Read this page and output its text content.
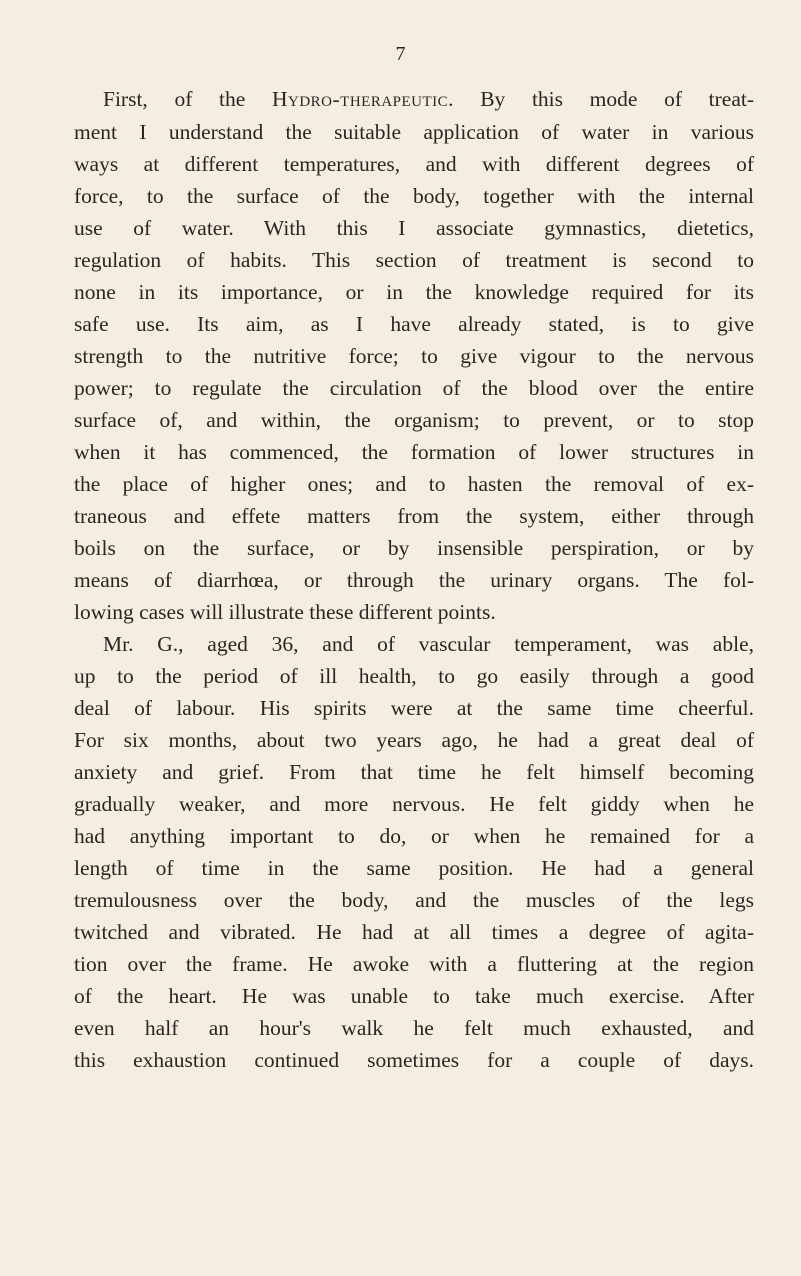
7
First, of the Hydro-therapeutic. By this mode of treat-
ment I understand the suitable application of water in various
ways at different temperatures, and with different degrees of
force, to the surface of the body, together with the internal
use of water. With this I associate gymnastics, dietetics,
regulation of habits. This section of treatment is second to
none in its importance, or in the knowledge required for its
safe use. Its aim, as I have already stated, is to give
strength to the nutritive force; to give vigour to the nervous
power; to regulate the circulation of the blood over the entire
surface of, and within, the organism; to prevent, or to stop
when it has commenced, the formation of lower structures in
the place of higher ones; and to hasten the removal of ex-
traneous and effete matters from the system, either through
boils on the surface, or by insensible perspiration, or by
means of diarrhœa, or through the urinary organs. The fol-
lowing cases will illustrate these different points.
Mr. G., aged 36, and of vascular temperament, was able,
up to the period of ill health, to go easily through a good
deal of labour. His spirits were at the same time cheerful.
For six months, about two years ago, he had a great deal of
anxiety and grief. From that time he felt himself becoming
gradually weaker, and more nervous. He felt giddy when he
had anything important to do, or when he remained for a
length of time in the same position. He had a general
tremulousness over the body, and the muscles of the legs
twitched and vibrated. He had at all times a degree of agita-
tion over the frame. He awoke with a fluttering at the region
of the heart. He was unable to take much exercise. After
even half an hour's walk he felt much exhausted, and
this exhaustion continued sometimes for a couple of days.
